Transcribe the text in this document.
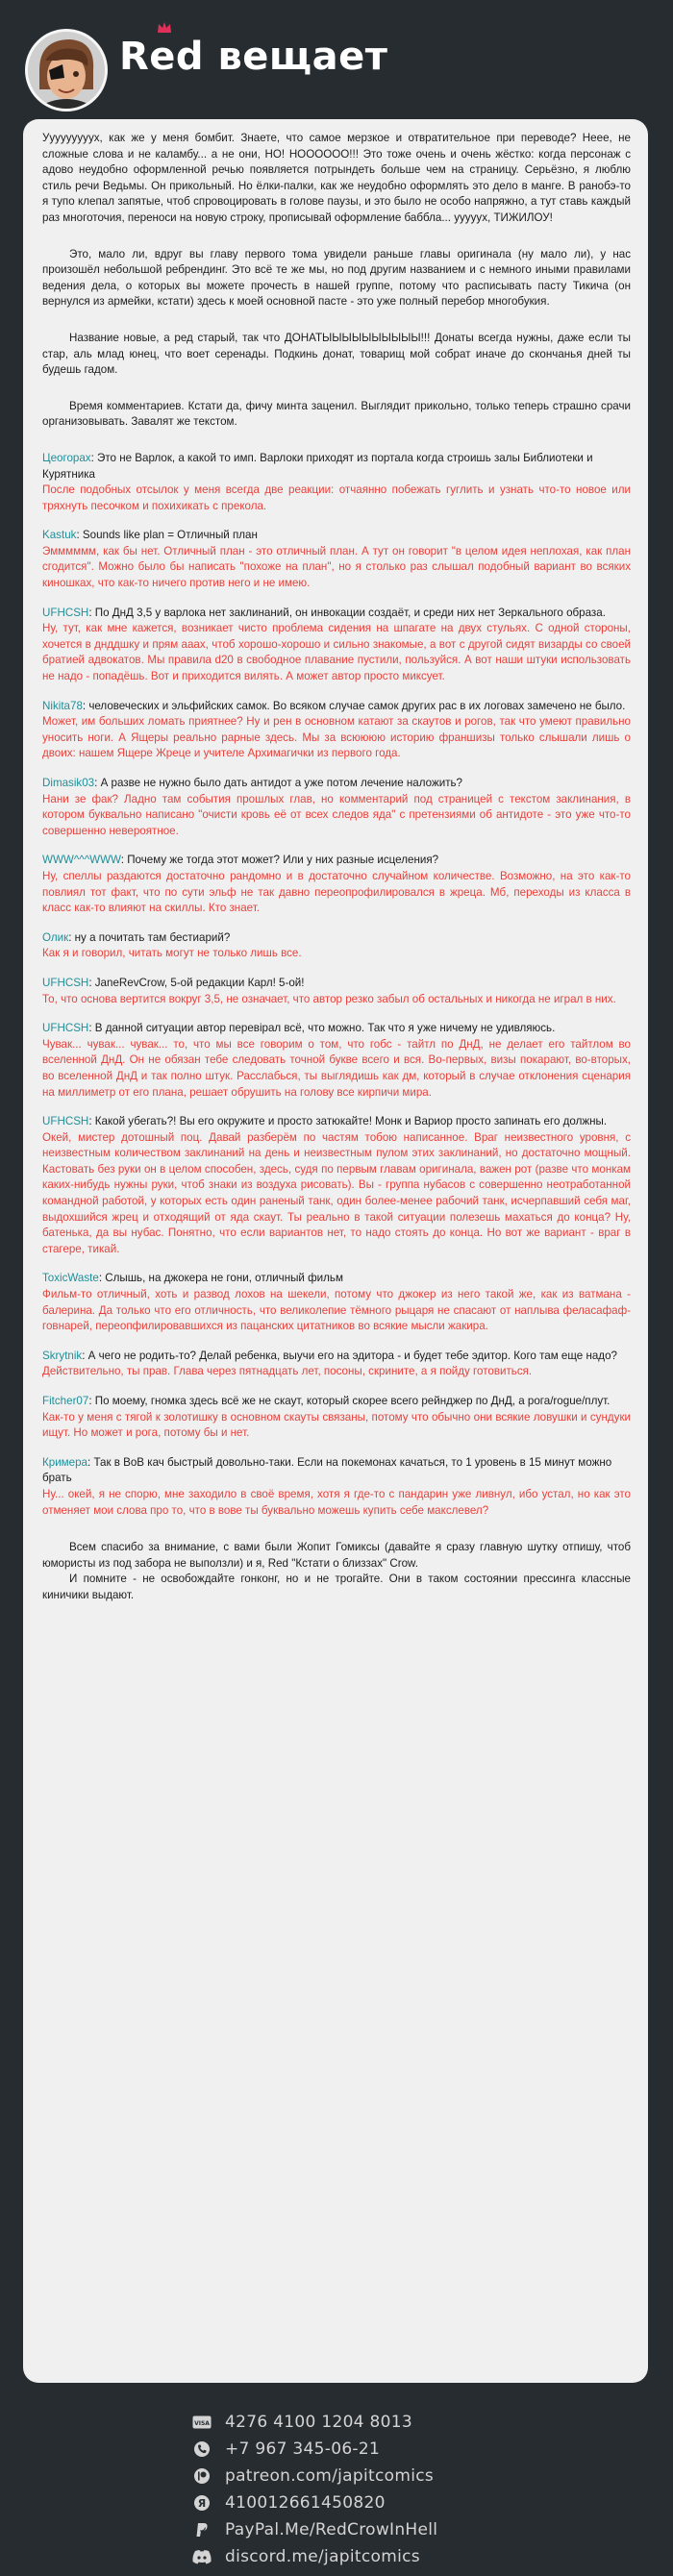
Red вещает

Ууууууууух, как же у меня бомбит. Знаете, что самое мерзкое и отвратительное при переводе? Нееe, не сложные слова и не каламбу... а не они, НО! НООООOO!!! Это тоже очень и очень жёстко: когда персонаж с адово неудобно оформленной речью появляется потрындеть больше чем на страницу. Серьёзно, я люблю стиль речи Ведьмы. Он прикольный. Но ёлки-палки, как же неудобно оформлять это дело в манге. В ранобэ-то я тупо клепал запятые, чтоб спровоцировать в голове паузы, и это было не особо напряжно, а тут ставь каждый раз многоточия, переноси на новую строку, прописывай оформление баббла... ууууух, ТИЖИЛОУ!

Это, мало ли, вдруг вы главу первого тома увидели раньше главы оригинала (ну мало ли), у нас произошёл небольшой ребрендинг. Это всё те же мы, но под другим названием и с немного иными правилами ведения дела, о которых вы можете прочесть в нашей группе, потому что расписывать пасту Тикича (он вернулся из армейки, кстати) здесь к моей основной пасте - это уже полный перебор многобукия.

Название новые, а ред старый, так что ДОНАТЫЫЫЫЫЫЫЫЫЫ!!! Донаты всегда нужны, даже если ты стар, аль млад юнец, что воет серенады. Подкинь донат, товарищ мой собрат иначе до скончанья дней ты будешь гадом.

Время комментариев. Кстати да, фичу минта заценил. Выглядит прикольно, только теперь страшно срачи организовывать. Завалят же текстом.

Цеогорах: Это не Варлок, а какой то имп. Варлоки приходят из портала когда строишь залы Библиотеки и Курятника
После подобных отсылок у меня всегда две реакции: отчаянно побежать гуглить и узнать что-то новое или тряхнуть песочком и похихикать с прекола.
Kastuk: Sounds like plan = Отличный план
Эмммммм, как бы нет. Отличный план - это отличный план. А тут он говорит "в целом идея неплохая, как план сгодится". Можно было бы написать "похоже на план", но я столько раз слышал подобный вариант во всяких киношках, что как-то ничего против него и не имею.
UFHCSH: По ДнД 3,5 у варлока нет заклинаний, он инвокации создаёт, и среди них нет Зеркального образа.
Ну, тут, как мне кажется, возникает чисто проблема сидения на шпагате на двух стульях. С одной стороны, хочется в днддшку и прям аааx, чтоб хорошо-хорошо и сильно знакомые, а вот с другой сидят визарды со своей братией адвокатов. Мы правила d20 в свободное плавание пустили, пользуйся. А вот наши штуки использовать не надо - попадёшь. Вот и приходится вилять. А может автор просто миксует.
Nikita78: человеческих и эльфийских самок. Во всяком случае самок других рас в их логовах замечено не было.
Может, им больших ломать приятнее? Ну и рен в основном катают за скаутов и рогов, так что умеют правильно уносить ноги. А Ящеры реально рарные здесь. Мы за всюююю историю франшизы только слышали лишь о двоих: нашем Ящере Жреце и учителе Архимагички из первого года.
Dimasik03: А разве не нужно было дать антидот а уже потом лечение наложить?
Нани зе фак? Ладно там события прошлых глав, но комментарий под страницей с текстом заклинания, в котором буквально написано "очисти кровь её от всех следов яда" с претензиями об антидоте - это уже что-то совершенно невероятное.
WWW^^^WWW: Почему же тогда этот может? Или у них разные исцеления?
Ну, спеллы раздаются достаточно рандомно и в достаточно случайном количестве. Возможно, на это как-то повлиял тот факт, что по сути эльф не так давно переопрофилировался в жреца. Мб, переходы из класса в класс как-то влияют на скиллы. Кто знает.
Олик: ну а почитать там бестиарий?
Как я и говорил, читать могут не только лишь все.
UFHCSH: JaneRevCrow, 5-ой редакции Карл! 5-ой!
То, что основа вертится вокруг 3,5, не означает, что автор резко забыл об остальных и никогда не играл в них.
UFHCSH: В данной ситуации автор перевірал всё, что можно. Так что я уже ничему не удивляюсь.
Чувак... чувак... чувак... то, что мы все говорим о том, что гобс - тайтл по ДнД, не делает его тайтлом во вселенной ДнД. Он не обязан тебе следовать точной букве всего и вся. Во-первых, визы покарают, во-вторых, во вселенной ДнД и так полно штук. Расслабься, ты выглядишь как дм, который в случае отклонения сценария на миллиметр от его плана, решает обрушить на голову все кирпичи мира.
UFHCSH: Какой убегать?! Вы его окружите и просто затюкайте! Монк и Вариор просто запинать его должны.
Окей, мистер дотошный поц. Давай разберём по частям тобою написанное. Враг неизвестного уровня, с неизвестным количеством заклинаний на день и неизвестным пулом этих заклинаний, но достаточно мощный. Кастовать без руки он в целом способен, здесь, судя по первым главам оригинала, важен рот (разве что монкам какиx-нибудь нужны руки, чтоб знаки из воздуха рисовать). Вы - группа нубасов с совершенно неотработанной командной работой, у которых есть один раненый танк, один более-менее рабочий танк, исчерпавший себя маг, выдохшийся жрец и отходящий от яда скаут. Ты реально в такой ситуации полезешь махаться до конца? Ну, батенька, да вы нубас. Понятно, что если вариантов нет, то надо стоять до конца. Но вот же вариант - враг в стагере, тикай.
ToxicWaste: Слышь, на джокера не гони, отличный фильм
Фильм-то отличный, хоть и развод лохов на шекели, потому что джокер из него такой же, как из ватмана - балерина. Да только что его отличность, что великолепие тёмного рыцаря не спасают от наплыва феласафаф-говнарей, переопфилировавшихся из пацанских цитатников во всякие мысли жакира.
Skrytnik: А чего не родить-то? Делай ребенка, выучи его на эдитора - и будет тебе эдитор. Кого там еще надо?
Действительно, ты прав. Глава через пятнадцать лет, посоны, скрините, а я пойду готовиться.
Fitcher07: По моему, гномка здесь всё же не скаут, который скорее всего рейнджер по ДнД, а рога/rogue/плут.
Как-то у меня с тягой к золотишку в основном скауты связаны, потому что обычно они всякие ловушки и сундуки ищут. Но может и рога, потому бы и нет.
Кримера: Так в ВоВ кач быстрый довольно-таки. Если на покемонах качаться, то 1 уровень в 15 минут можно брать
Ну... окей, я не спорю, мне заходило в своё время, хотя я где-то с пандарин уже ливнул, ибо устал, но как это отменяет мои слова про то, что в вове ты буквально можешь купить себе макслевел?

Всем спасибо за внимание, с вами были Жопит Гомиксы (давайте я сразу главную шутку отпишу, чтоб юмористы из под забора не выползли) и я, Red "Кстати о близзах" Crow.

И помните - не освобождайте гонконг, но и не трогайте. Они в таком состоянии прессинга классные киничики выдают.

VISA 4276 4100 1204 8013
+7 967 345-06-21
patreon.com/japitcomics
Я 410012661450820
PayPal.Me/RedCrowInHell
discord.me/japitcomics
